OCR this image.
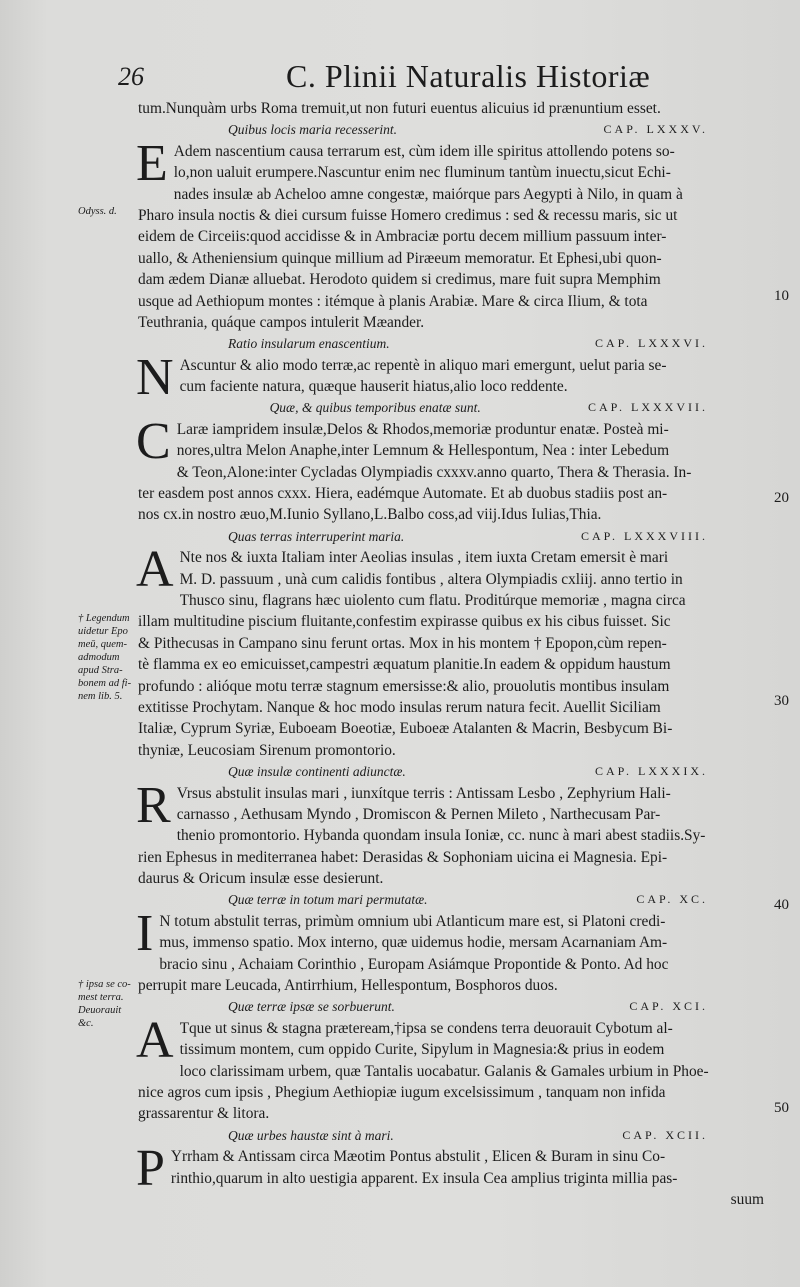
26	C. Plinii Naturalis Historiæ
tum.Nunquàm urbs Roma tremuit,ut non futuri euentus alicuius id prænuntium esset.
Quibus locis maria recesserint.	CAP. LXXXV.
E Adem nascentium causa terrarum est, cùm idem ille spiritus attollendo potens so-
lo,non ualuit erumpere.Nascuntur enim nec fluminum tantùm inuectu,sicut Echi-
nades insulæ ab Acheloo amne congestæ, maiórque pars Aegypti à Nilo, in quam à
Pharo insula noctis & diei cursum fuisse Homero credimus : sed & recessu maris, sic ut
eidem de Circeiis:quod accidisse & in Ambraciæ portu decem millium passuum inter-
uallo, & Atheniensium quinque millium ad Piræeum memoratur. Et Ephesi,ubi quon-
dam ædem Dianæ alluebat. Herodoto quidem si credimus, mare fuit supra Memphim
usque ad Aethiopum montes : itémque à planis Arabiæ. Mare & circa Ilium, & tota
Teuthrania, quáque campos intulerit Mæander.
Ratio insularum enascentium.	CAP. LXXXVI.
N Ascuntur & alio modo terræ,ac repentè in aliquo mari emergunt, uelut paria se-
cum faciente natura, quæque hauserit hiatus,alio loco reddente.
Quæ, & quibus temporibus enatæ sunt.	CAP. LXXXVII.
C Laræ iampridem insulæ,Delos & Rhodos,memoriæ produntur enatæ. Posteà mi-
nores,ultra Melon Anaphe,inter Lemnum & Hellespontum, Nea : inter Lebedum
& Teon,Alone:inter Cycladas Olympiadis cxxxv.anno quarto, Thera & Therasia. In-
ter easdem post annos cxxx. Hiera, eadémque Automate. Et ab duobus stadiis post an-
nos cx.in nostro æuo,M.Iunio Syllano,L.Balbo coss,ad viij.Idus Iulias,Thia.
Quas terras interruperint maria.	CAP. LXXXVIII.
A Nte nos & iuxta Italiam inter Aeolias insulas , item iuxta Cretam emersit è mari
M. D. passuum , unà cum calidis fontibus , altera Olympiadis cxliij. anno tertio in
Thusco sinu, flagrans hæc uiolento cum flatu. Proditúrque memoriæ , magna circa
illam multitudine piscium fluitante,confestim expirasse quibus ex his cibus fuisset. Sic
& Pithecusas in Campano sinu ferunt ortas. Mox in his montem † Epopon,cùm repen-
tè flamma ex eo emicuisset,campestri æquatum planitie.In eadem & oppidum haustum
profundo : alióque motu terræ stagnum emersisse:& alio, prouolutis montibus insulam
extitisse Prochytam. Nanque & hoc modo insulas rerum natura fecit. Auellit Siciliam
Italiæ, Cyprum Syriæ, Euboeam Boeotiæ, Euboeæ Atalanten & Macrin, Besbycum Bi-
thyniæ, Leucosiam Sirenum promontorio.
Quæ insulæ continenti adiunctæ.	CAP. LXXXIX.
R Vrsus abstulit insulas mari , iunxítque terris : Antissam Lesbo , Zephyrium Hali-
carnasso , Aethusam Myndo , Dromiscon & Pernen Mileto , Narthecusam Par-
thenio promontorio. Hybanda quondam insula Ioniæ, cc. nunc à mari abest stadiis.Sy-
rien Ephesus in mediterranea habet: Derasidas & Sophoniam uicina ei Magnesia. Epi-
daurus & Oricum insulæ esse desierunt.
Quæ terræ in totum mari permutatæ.	CAP. XC.
I N totum abstulit terras, primùm omnium ubi Atlanticum mare est, si Platoni credi-
mus, immenso spatio. Mox interno, quæ uidemus hodie, mersam Acarnaniam Am-
bracio sinu , Achaiam Corinthio , Europam Asiámque Propontide & Ponto. Ad hoc
perrupit mare Leucada, Antirrhium, Hellespontum, Bosphoros duos.
Quæ terræ ipsæ se sorbuerunt.	CAP. XCI.
A Tque ut sinus & stagna præteream,†ipsa se condens terra deuorauit Cybotum al-
tissimum montem, cum oppido Curite, Sipylum in Magnesia:& prius in eodem
loco clarissimam urbem, quæ Tantalis uocabatur. Galanis & Gamales urbium in Phoe-
nice agros cum ipsis , Phegium Aethiopiæ iugum excelsissimum , tanquam non infida
grassarentur & litora.
Quæ urbes haustæ sint à mari.	CAP. XCII.
P Yrrham & Antissam circa Mæotim Pontus abstulit , Elicen & Buram in sinu Co-
rinthio,quarum in alto uestigia apparent. Ex insula Cea amplius triginta millia pas-
suum
Odyss. d.
† Legendum uidetur Epo meū, quem-admodum apud Stra-bonem ad fi-nem lib. 5.
† ipsa se co-mest terra. Deuorauit &c.
10
20
30
40
50
